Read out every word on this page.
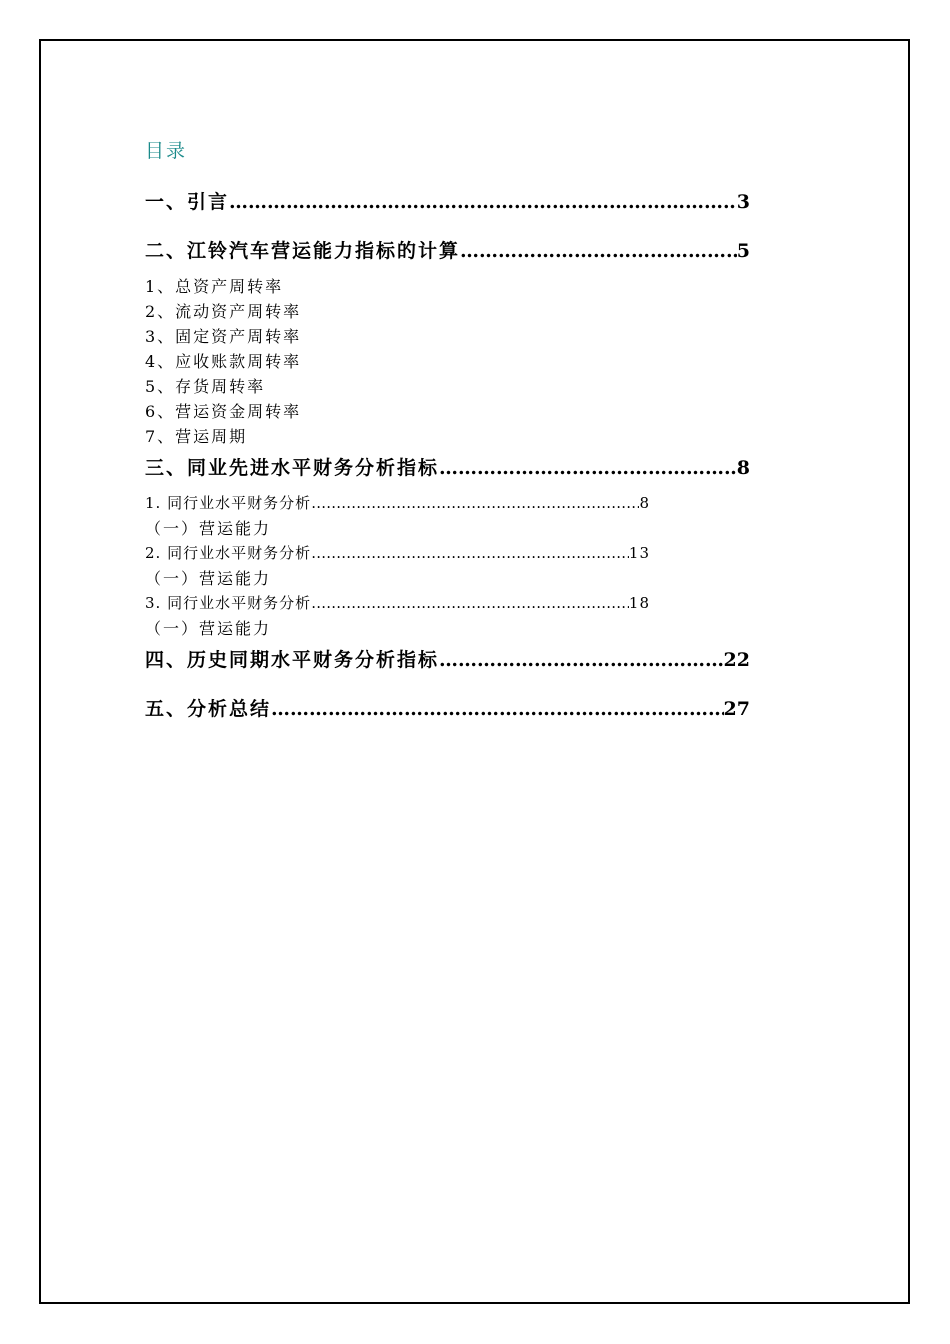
目录
一、引言 ……………………………………………………………………………………………………………………………………………………………………………………	3
二、江铃汽车营运能力指标的计算 ……………………………………………………………………………………………………………………………………………………………………………………	5
1、总资产周转率
2、流动资产周转率
3、固定资产周转率
4、应收账款周转率
5、存货周转率
6、营运资金周转率
7、营运周期
三、同业先进水平财务分析指标 ……………………………………………………………………………………………………………………………………………………………………………………	8
1. 同行业水平财务分析 ……………………………………………………………………………………………………………………………………………………………………………………	8
（一）营运能力
2. 同行业水平财务分析 ……………………………………………………………………………………………………………………………………………………………………………………	13
（一）营运能力
3. 同行业水平财务分析 ……………………………………………………………………………………………………………………………………………………………………………………	18
（一）营运能力
四、历史同期水平财务分析指标 ……………………………………………………………………………………………………………………………………………………………………………………	22
五、分析总结 ……………………………………………………………………………………………………………………………………………………………………………………	27
